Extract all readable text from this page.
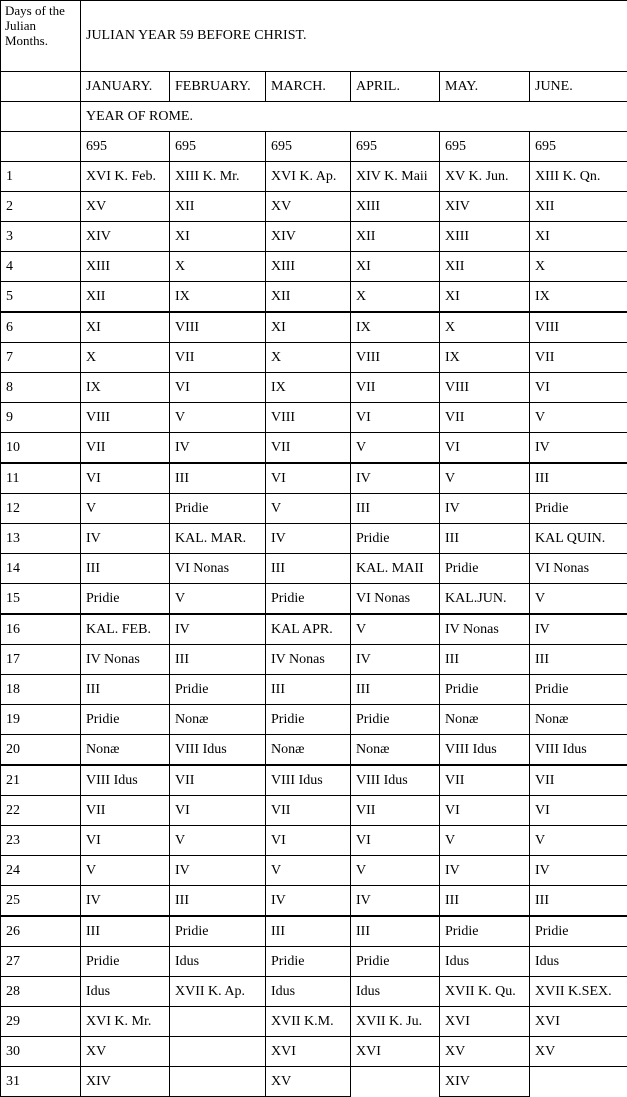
Days of the Julian Months.	JULIAN YEAR 59 BEFORE CHRIST.					
	JANUARY.	FEBRUARY.	MARCH.	APRIL.	MAY.	JUNE.
	YEAR OF ROME.					
	695	695	695	695	695	695
1	XVI K. Feb.	XIII K. Mr.	XVI K. Ap.	XIV K. Maii	XV K. Jun.	XIII K. Qn.
2	XV	XII	XV	XIII	XIV	XII
3	XIV	XI	XIV	XII	XIII	XI
4	XIII	X	XIII	XI	XII	X
5	XII	IX	XII	X	XI	IX
6	XI	VIII	XI	IX	X	VIII
7	X	VII	X	VIII	IX	VII
8	IX	VI	IX	VII	VIII	VI
9	VIII	V	VIII	VI	VII	V
10	VII	IV	VII	V	VI	IV
11	VI	III	VI	IV	V	III
12	V	Pridie	V	III	IV	Pridie
13	IV	KAL. MAR.	IV	Pridie	III	KAL QUIN.
14	III	VI Nonas	III	KAL. MAII	Pridie	VI Nonas
15	Pridie	V	Pridie	VI Nonas	KAL.JUN.	V
16	KAL. FEB.	IV	KAL APR.	V	IV Nonas	IV
17	IV Nonas	III	IV Nonas	IV	III	III
18	III	Pridie	III	III	Pridie	Pridie
19	Pridie	Nonæ	Pridie	Pridie	Nonæ	Nonæ
20	Nonæ	VIII Idus	Nonæ	Nonæ	VIII Idus	VIII Idus
21	VIII Idus	VII	VIII Idus	VIII Idus	VII	VII
22	VII	VI	VII	VII	VI	VI
23	VI	V	VI	VI	V	V
24	V	IV	V	V	IV	IV
25	IV	III	IV	IV	III	III
26	III	Pridie	III	III	Pridie	Pridie
27	Pridie	Idus	Pridie	Pridie	Idus	Idus
28	Idus	XVII K. Ap.	Idus	Idus	XVII K. Qu.	XVII K.SEX.
29	XVI K. Mr.		XVII K.M.	XVII K. Ju.	XVI	XVI
30	XV		XVI	XVI	XV	XV
31	XIV		XV		XIV	
